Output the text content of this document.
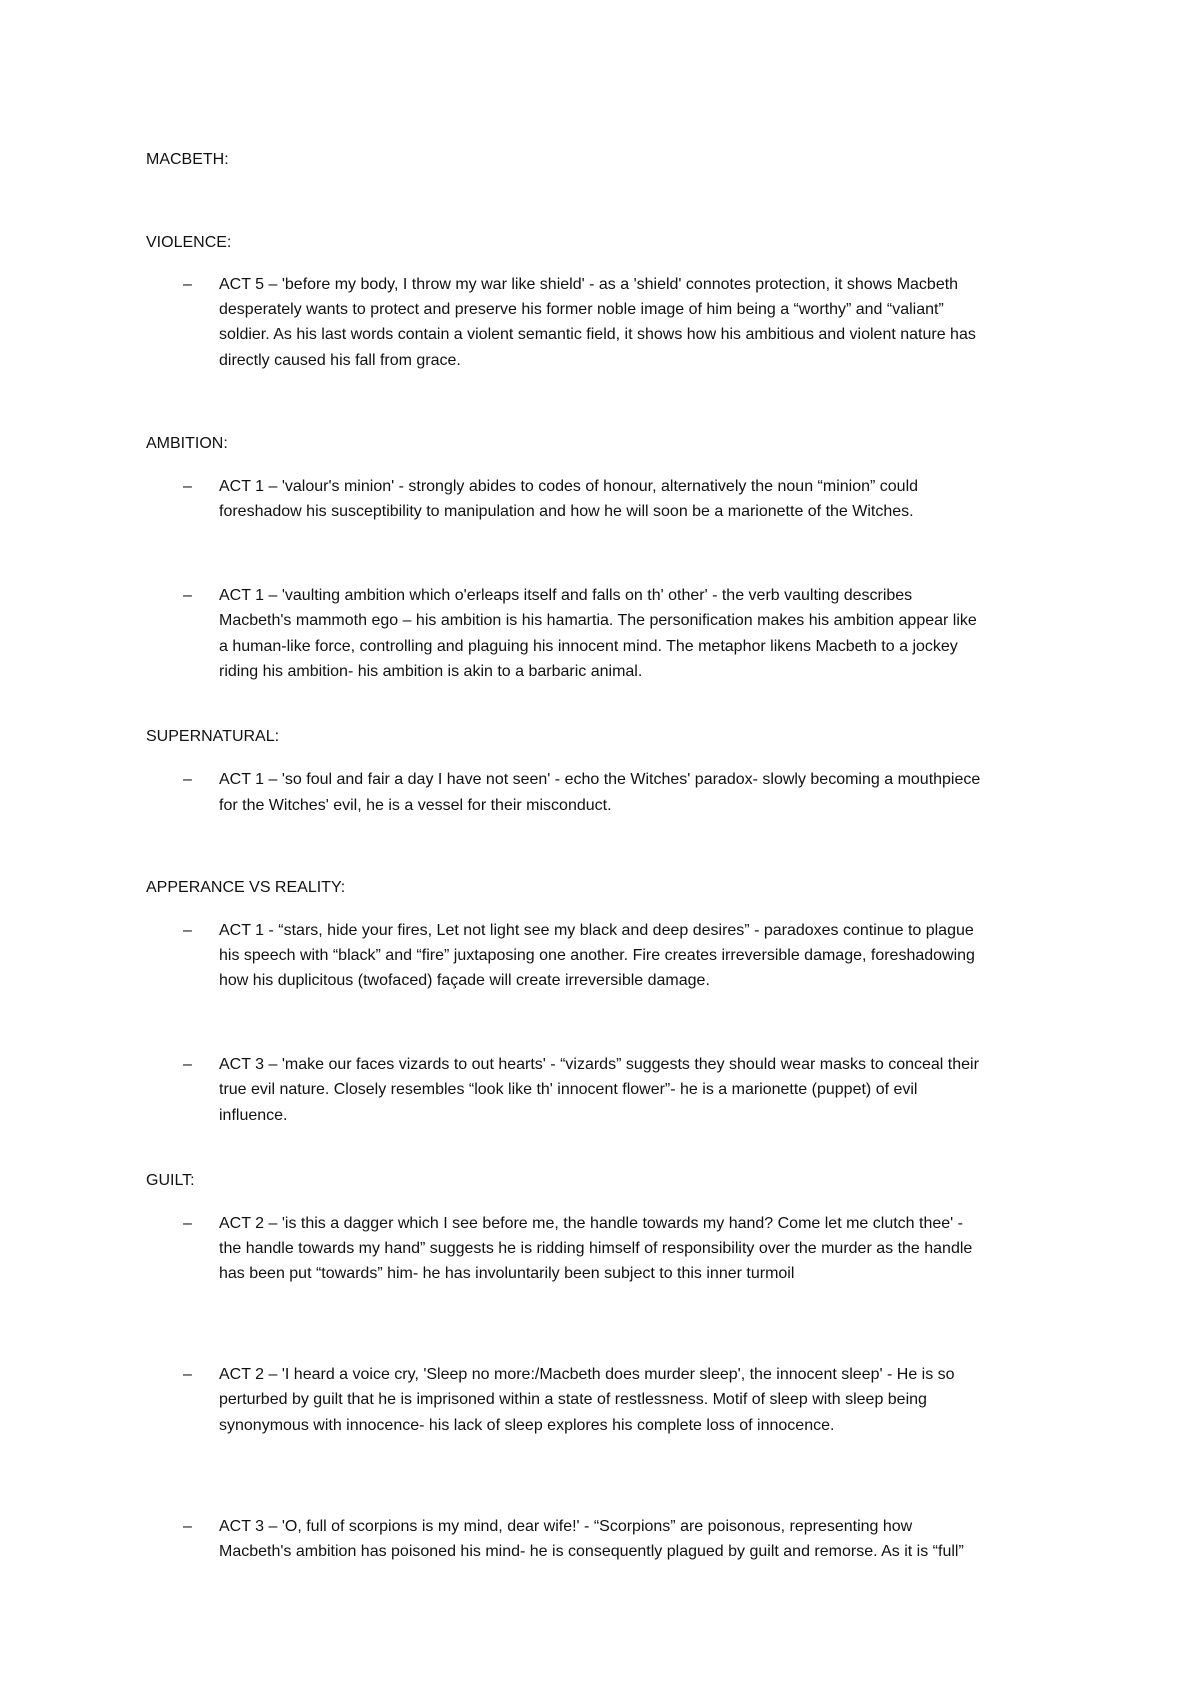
MACBETH:
VIOLENCE:
– ACT 5 – 'before my body, I throw my war like shield' - as a 'shield' connotes protection, it shows Macbeth
desperately wants to protect and preserve his former noble image of him being a “worthy” and “valiant”
soldier. As his last words contain a violent semantic field, it shows how his ambitious and violent nature has
directly caused his fall from grace.
AMBITION:
– ACT 1 – 'valour's minion' - strongly abides to codes of honour, alternatively the noun “minion” could
foreshadow his susceptibility to manipulation and how he will soon be a marionette of the Witches.
– ACT 1 – 'vaulting ambition which o'erleaps itself and falls on th' other' - the verb vaulting describes
Macbeth's mammoth ego – his ambition is his hamartia. The personification makes his ambition appear like
a human-like force, controlling and plaguing his innocent mind. The metaphor likens Macbeth to a jockey
riding his ambition- his ambition is akin to a barbaric animal.
SUPERNATURAL:
– ACT 1 – 'so foul and fair a day I have not seen' - echo the Witches' paradox- slowly becoming a mouthpiece
for the Witches' evil, he is a vessel for their misconduct.
APPERANCE VS REALITY:
– ACT 1 - “stars, hide your fires, Let not light see my black and deep desires” - paradoxes continue to plague
his speech with “black” and “fire” juxtaposing one another. Fire creates irreversible damage, foreshadowing
how his duplicitous (twofaced) façade will create irreversible damage.
– ACT 3 – 'make our faces vizards to out hearts' - “vizards” suggests they should wear masks to conceal their
true evil nature. Closely resembles “look like th' innocent flower”- he is a marionette (puppet) of evil
influence.
GUILT:
– ACT 2 – 'is this a dagger which I see before me, the handle towards my hand? Come let me clutch thee' -
the handle towards my hand” suggests he is ridding himself of responsibility over the murder as the handle
has been put “towards” him- he has involuntarily been subject to this inner turmoil
– ACT 2 – 'I heard a voice cry, 'Sleep no more:/Macbeth does murder sleep', the innocent sleep' - He is so
perturbed by guilt that he is imprisoned within a state of restlessness. Motif of sleep with sleep being
synonymous with innocence- his lack of sleep explores his complete loss of innocence.
– ACT 3 – 'O, full of scorpions is my mind, dear wife!' - “Scorpions” are poisonous, representing how
Macbeth's ambition has poisoned his mind- he is consequently plagued by guilt and remorse. As it is “full”
